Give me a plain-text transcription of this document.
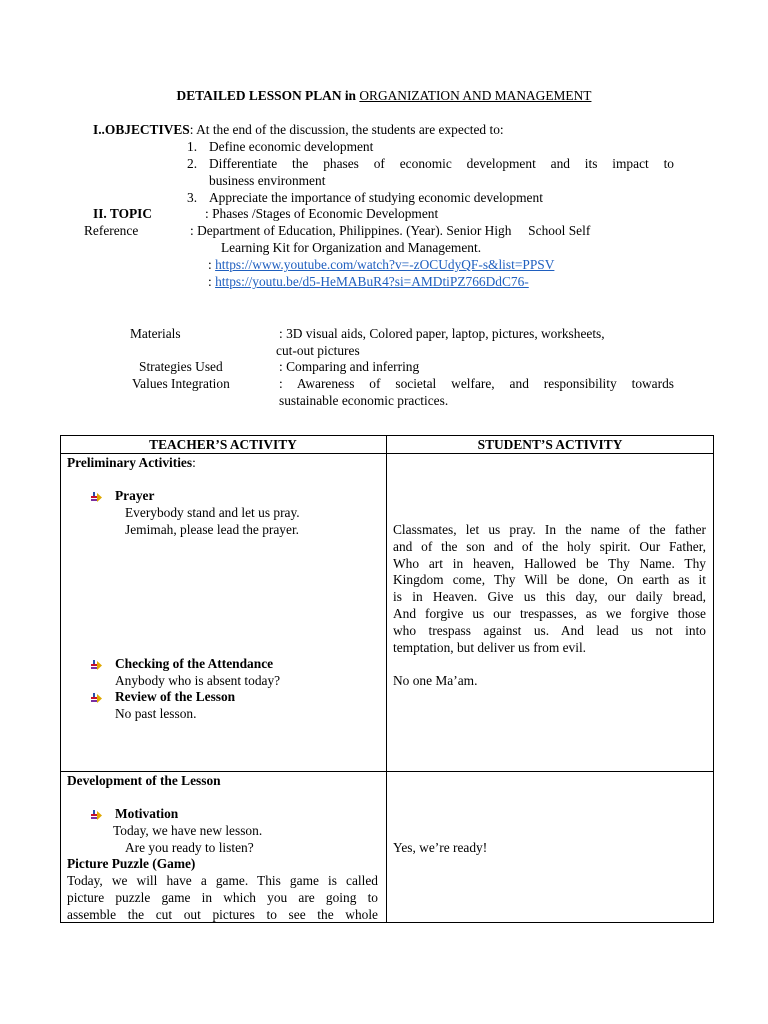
DETAILED LESSON PLAN in ORGANIZATION AND MANAGEMENT
I..OBJECTIVES: At the end of the discussion, the students are expected to:
1. Define economic development
2. Differentiate the phases of economic development and its impact to
business environment
3. Appreciate the importance of studying economic development
II. TOPIC	: Phases /Stages of Economic Development
Reference	: Department of Education, Philippines. (Year). Senior High     School Self
Learning Kit for Organization and Management.
: https://www.youtube.com/watch?v=-zOCUdyQF-s&list=PPSV
: https://youtu.be/d5-HeMABuR4?si=AMDtiPZ766DdC76-
Materials	: 3D visual aids, Colored paper, laptop, pictures, worksheets,
cut-out pictures
Strategies Used	: Comparing and inferring
Values Integration	: Awareness of societal welfare, and responsibility towards
sustainable economic practices.
TEACHER’S ACTIVITY	STUDENT’S ACTIVITY
Preliminary Activities:
Prayer
Everybody stand and let us pray.
Jemimah, please lead the prayer.	Classmates, let us pray. In the name of the father
and of the son and of the holy spirit. Our Father,
Who art in heaven, Hallowed be Thy Name. Thy
Kingdom come, Thy Will be done, On earth as it
is in Heaven. Give us this day, our daily bread,
And forgive us our trespasses, as we forgive those
who trespass against us. And lead us not into
temptation, but deliver us from evil.
Checking of the Attendance
Anybody who is absent today?	No one Ma’am.
Review of the Lesson
No past lesson.
Development of the Lesson
Motivation
Today, we have new lesson.
Are you ready to listen?	Yes, we’re ready!
Picture Puzzle (Game)
Today, we will have a game. This game is called
picture puzzle game in which you are going to
assemble the cut out pictures to see the whole
